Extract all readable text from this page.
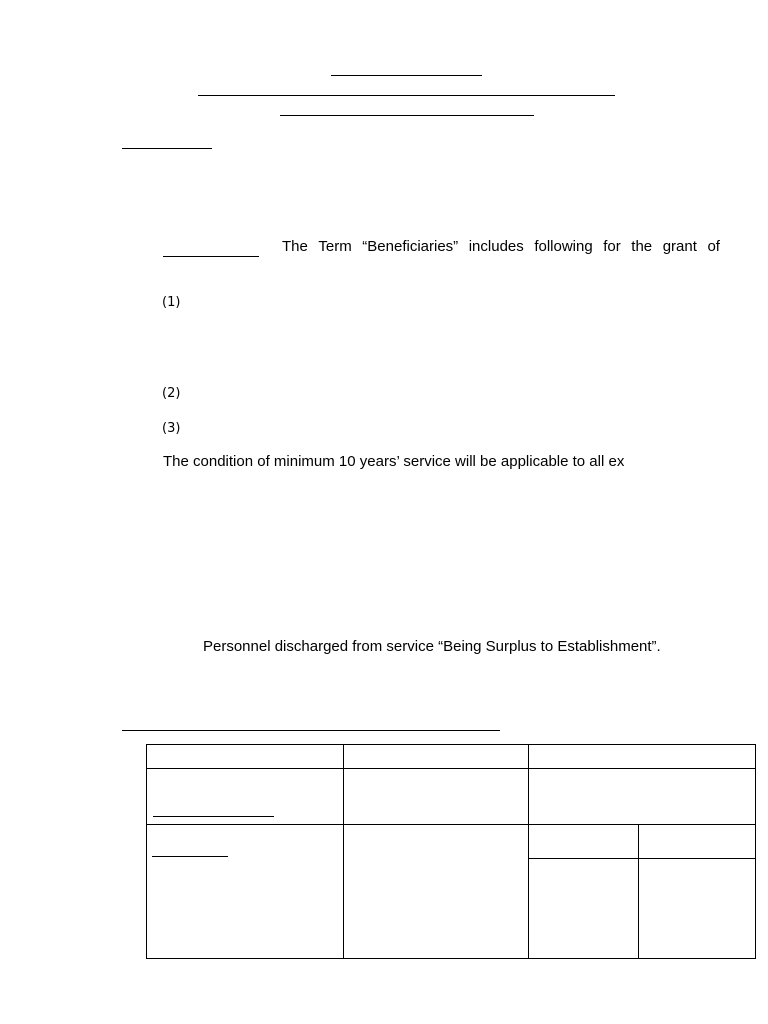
The Term “Beneficiaries” includes following for the grant of
(1)
(2)
(3)
The condition of minimum 10 years’ service will be applicable to all ex
Personnel discharged from service “Being Surplus to Establishment”.
